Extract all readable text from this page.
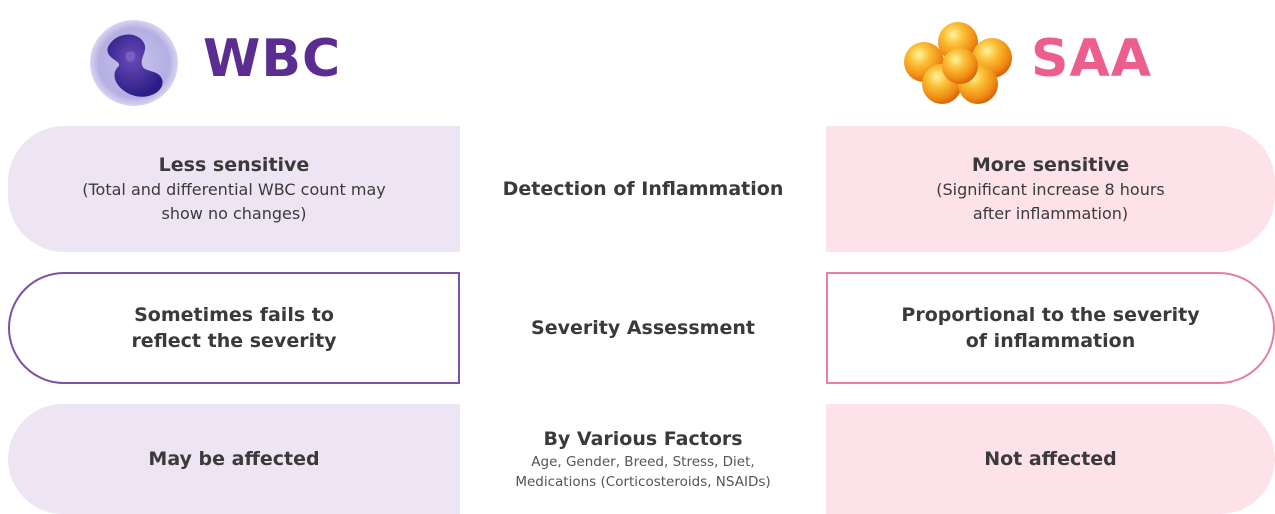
WBC	SAA
Less sensitive
(Total and differential WBC count may
show no changes)
Detection of Inflammation
More sensitive
(Significant increase 8 hours
after inflammation)
Sometimes fails to
reflect the severity
Severity Assessment
Proportional to the severity
of inflammation
May be affected
By Various Factors
Age, Gender, Breed, Stress, Diet,
Medications (Corticosteroids, NSAIDs)
Not affected
